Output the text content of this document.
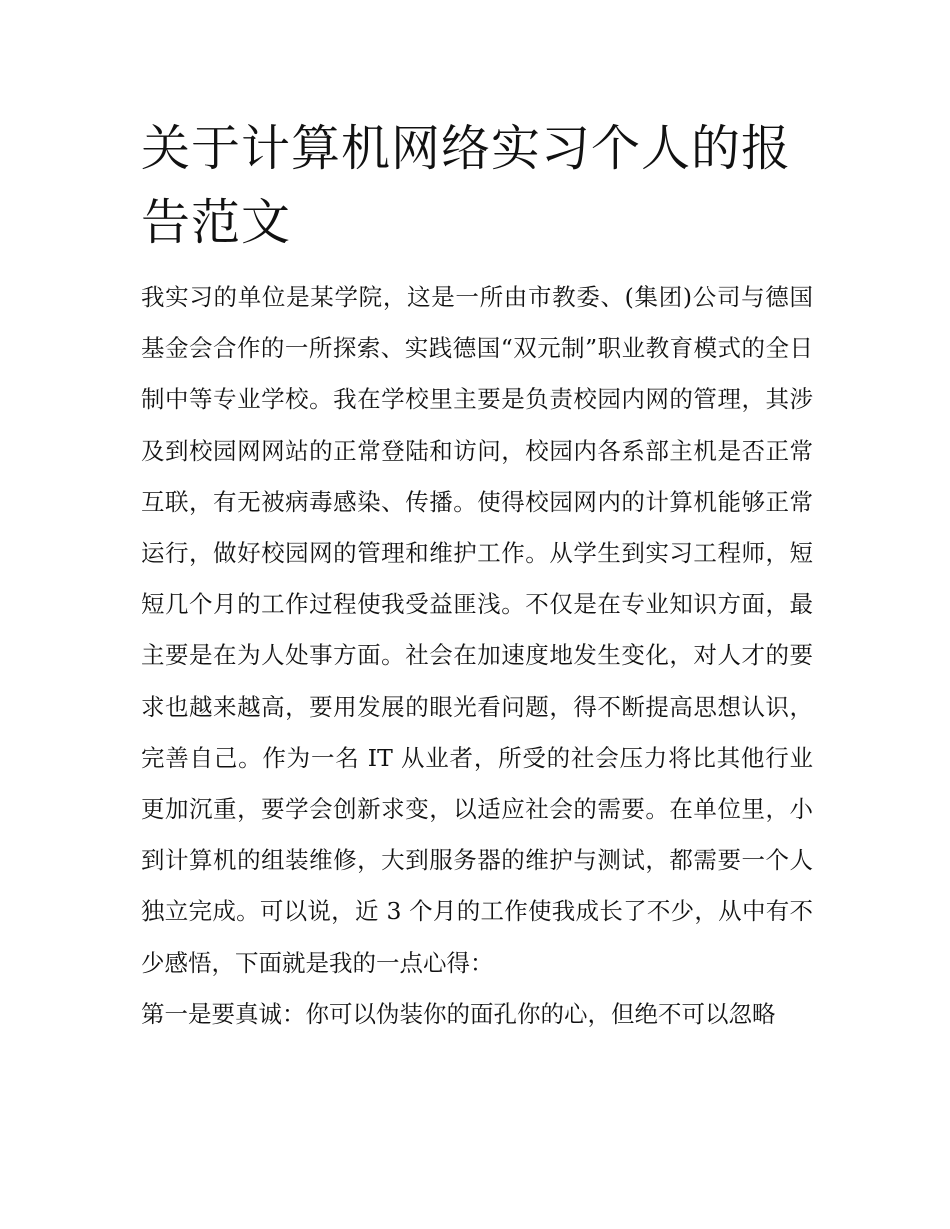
关于计算机网络实习个人的报告范文

我实习的单位是某学院，这是一所由市教委、(集团)公司与德国基金会合作的一所探索、实践德国“双元制”职业教育模式的全日制中等专业学校。我在学校里主要是负责校园内网的管理，其涉及到校园网网站的正常登陆和访问，校园内各系部主机是否正常互联，有无被病毒感染、传播。使得校园网内的计算机能够正常运行，做好校园网的管理和维护工作。从学生到实习工程师，短短几个月的工作过程使我受益匪浅。不仅是在专业知识方面，最主要是在为人处事方面。社会在加速度地发生变化，对人才的要求也越来越高，要用发展的眼光看问题，得不断提高思想认识，完善自己。作为一名 IT 从业者，所受的社会压力将比其他行业更加沉重，要学会创新求变，以适应社会的需要。在单位里，小到计算机的组装维修，大到服务器的维护与测试，都需要一个人独立完成。可以说，近 3 个月的工作使我成长了不少，从中有不少感悟，下面就是我的一点心得：

第一是要真诚：你可以伪装你的面孔你的心，但绝不可以忽略
